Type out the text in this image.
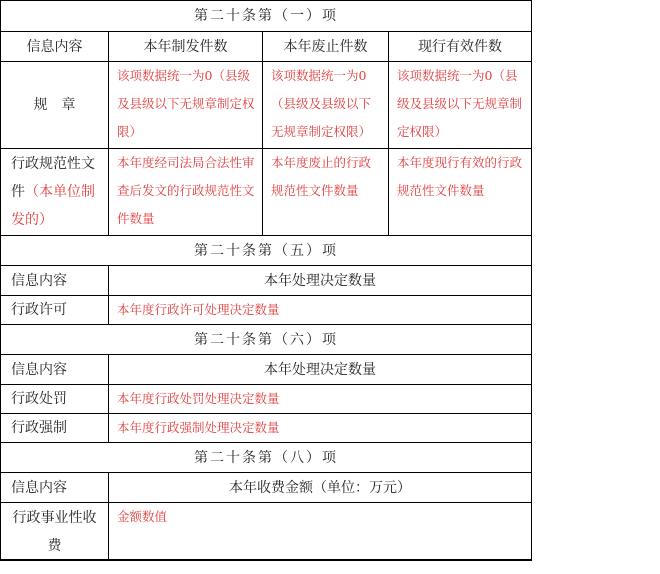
第二十条第（一）项			
信息内容	本年制发件数	本年废止件数	现行有效件数
规　章	该项数据统一为0（县级及县级以下无规章制定权限）	该项数据统一为0（县级及县级以下无规章制定权限）	该项数据统一为0（县级及县级以下无规章制定权限）
行政规范性文件（本单位制发的）	本年度经司法局合法性审查后发文的行政规范性文件数量	本年度废止的行政规范性文件数量	本年度现行有效的行政规范性文件数量
第二十条第（五）项			
信息内容	本年处理决定数量		
行政许可	本年度行政许可处理决定数量		
第二十条第（六）项			
信息内容	本年处理决定数量		
行政处罚	本年度行政处罚处理决定数量		
行政强制	本年度行政强制处理决定数量		
第二十条第（八）项			
信息内容	本年收费金额（单位：万元）		
行政事业性收费	金额数值		
